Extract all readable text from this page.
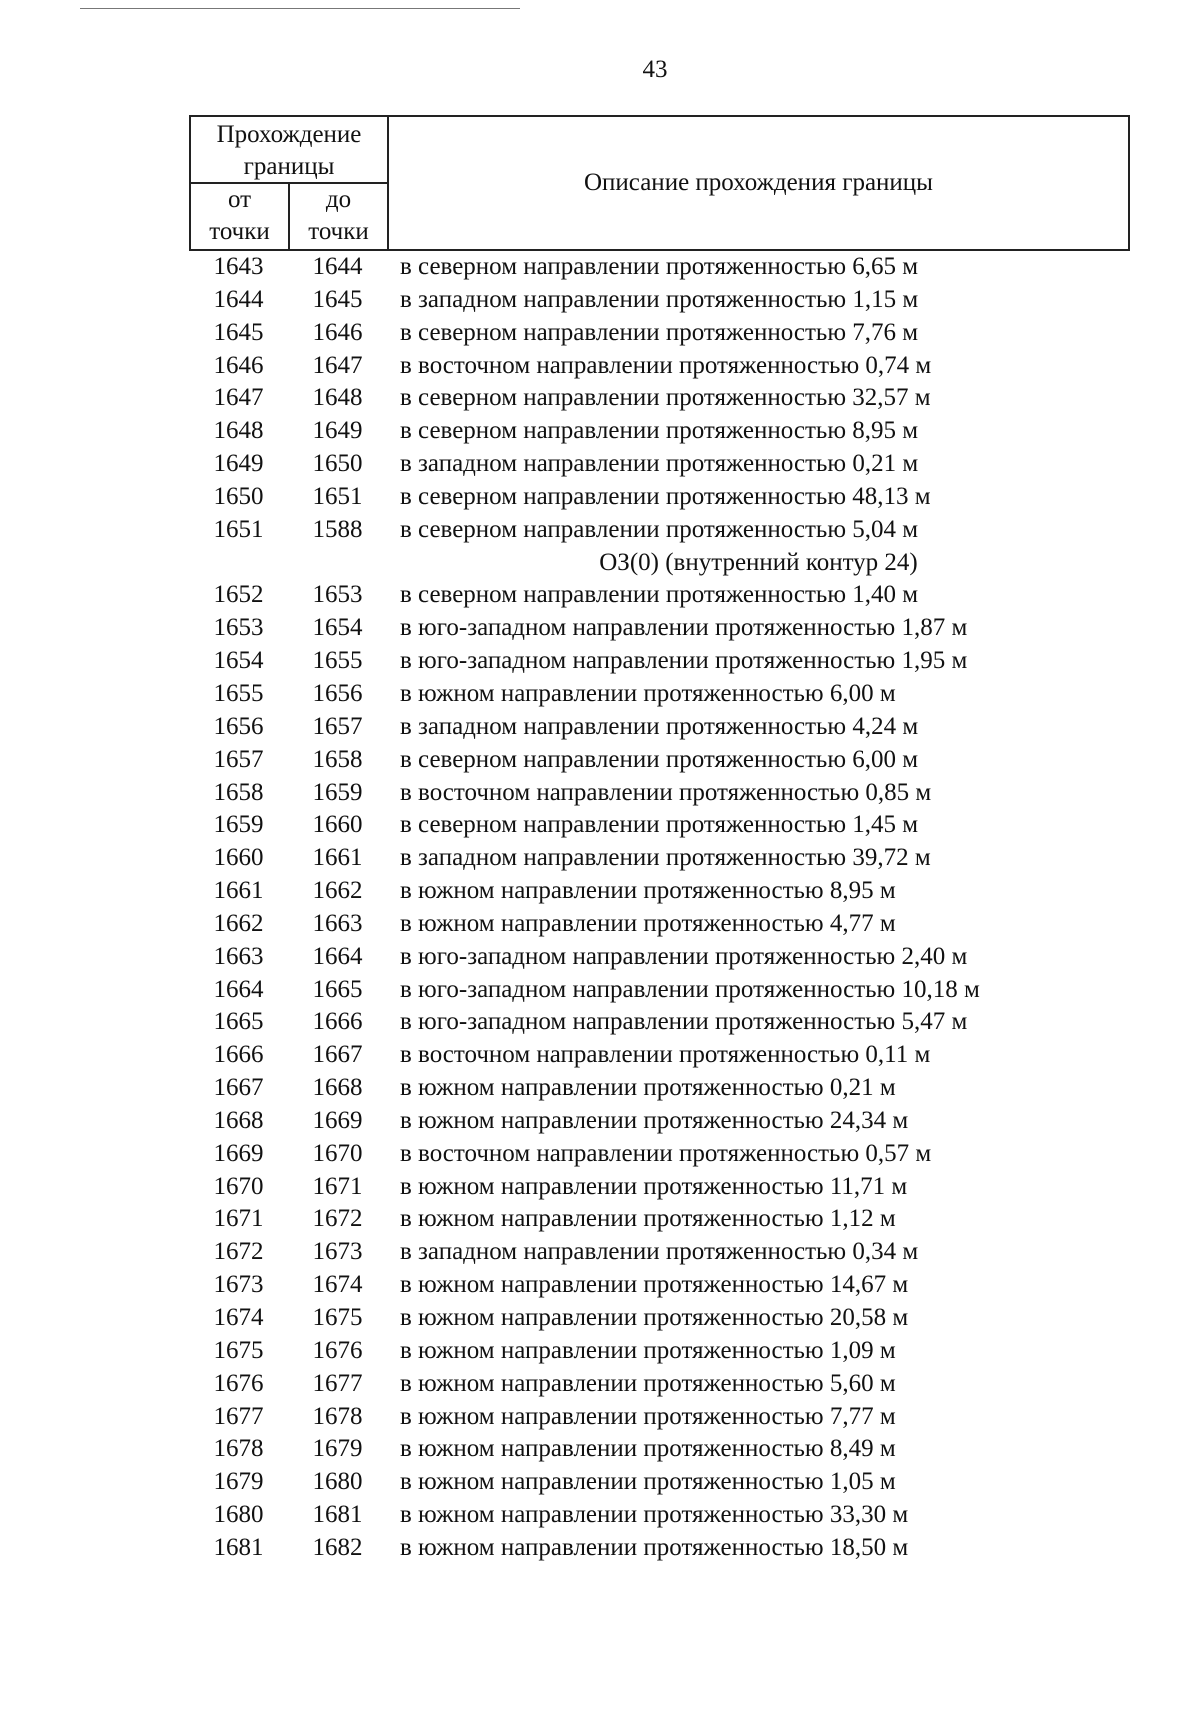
43
Прохождение границы
от
точки
до
точки
Описание прохождения границы
1643	1644	в северном направлении протяженностью 6,65 м
1644	1645	в западном направлении протяженностью 1,15 м
1645	1646	в северном направлении протяженностью 7,76 м
1646	1647	в восточном направлении протяженностью 0,74 м
1647	1648	в северном направлении протяженностью 32,57 м
1648	1649	в северном направлении протяженностью 8,95 м
1649	1650	в западном направлении протяженностью 0,21 м
1650	1651	в северном направлении протяженностью 48,13 м
1651	1588	в северном направлении протяженностью 5,04 м
ОЗ(0) (внутренний контур 24)
1652	1653	в северном направлении протяженностью 1,40 м
1653	1654	в юго-западном направлении протяженностью 1,87 м
1654	1655	в юго-западном направлении протяженностью 1,95 м
1655	1656	в южном направлении протяженностью 6,00 м
1656	1657	в западном направлении протяженностью 4,24 м
1657	1658	в северном направлении протяженностью 6,00 м
1658	1659	в восточном направлении протяженностью 0,85 м
1659	1660	в северном направлении протяженностью 1,45 м
1660	1661	в западном направлении протяженностью 39,72 м
1661	1662	в южном направлении протяженностью 8,95 м
1662	1663	в южном направлении протяженностью 4,77 м
1663	1664	в юго-западном направлении протяженностью 2,40 м
1664	1665	в юго-западном направлении протяженностью 10,18 м
1665	1666	в юго-западном направлении протяженностью 5,47 м
1666	1667	в восточном направлении протяженностью 0,11 м
1667	1668	в южном направлении протяженностью 0,21 м
1668	1669	в южном направлении протяженностью 24,34 м
1669	1670	в восточном направлении протяженностью 0,57 м
1670	1671	в южном направлении протяженностью 11,71 м
1671	1672	в южном направлении протяженностью 1,12 м
1672	1673	в западном направлении протяженностью 0,34 м
1673	1674	в южном направлении протяженностью 14,67 м
1674	1675	в южном направлении протяженностью 20,58 м
1675	1676	в южном направлении протяженностью 1,09 м
1676	1677	в южном направлении протяженностью 5,60 м
1677	1678	в южном направлении протяженностью 7,77 м
1678	1679	в южном направлении протяженностью 8,49 м
1679	1680	в южном направлении протяженностью 1,05 м
1680	1681	в южном направлении протяженностью 33,30 м
1681	1682	в южном направлении протяженностью 18,50 м
